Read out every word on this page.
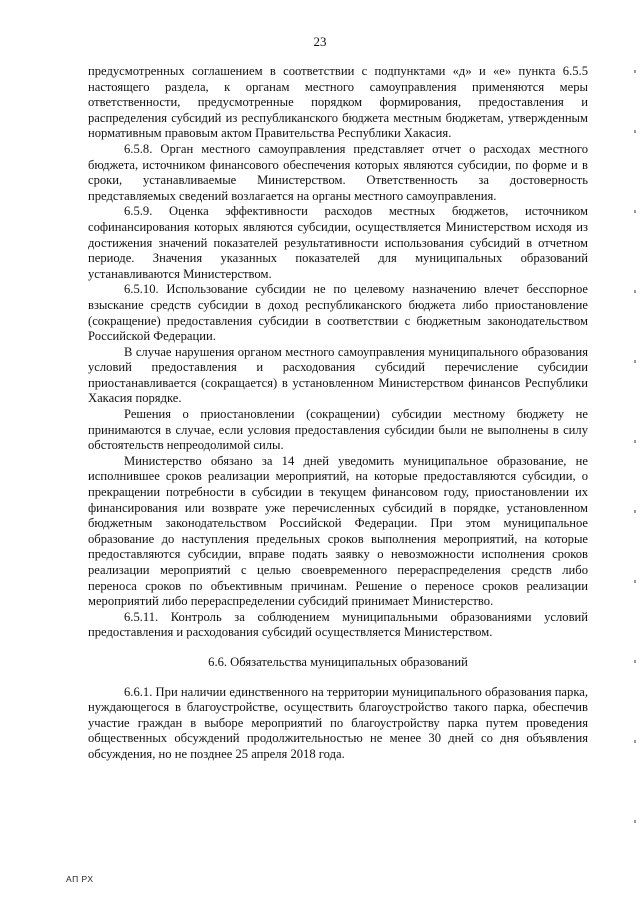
23

предусмотренных соглашением в соответствии с подпунктами «д» и «е» пункта 6.5.5 настоящего раздела, к органам местного самоуправления применяются меры ответственности, предусмотренные порядком формирования, предоставления и распределения субсидий из республиканского бюджета местным бюджетам, утвержденным нормативным правовым актом Правительства Республики Хакасия.

6.5.8. Орган местного самоуправления представляет отчет о расходах местного бюджета, источником финансового обеспечения которых являются субсидии, по форме и в сроки, устанавливаемые Министерством. Ответственность за достоверность представляемых сведений возлагается на органы местного самоуправления.

6.5.9. Оценка эффективности расходов местных бюджетов, источником софинансирования которых являются субсидии, осуществляется Министерством исходя из достижения значений показателей результативности использования субсидий в отчетном периоде. Значения указанных показателей для муниципальных образований устанавливаются Министерством.

6.5.10. Использование субсидии не по целевому назначению влечет бесспорное взыскание средств субсидии в доход республиканского бюджета либо приостановление (сокращение) предоставления субсидии в соответствии с бюджетным законодательством Российской Федерации.

В случае нарушения органом местного самоуправления муниципального образования условий предоставления и расходования субсидий перечисление субсидии приостанавливается (сокращается) в установленном Министерством финансов Республики Хакасия порядке.

Решения о приостановлении (сокращении) субсидии местному бюджету не принимаются в случае, если условия предоставления субсидии были не выполнены в силу обстоятельств непреодолимой силы.

Министерство обязано за 14 дней уведомить муниципальное образование, не исполнившее сроков реализации мероприятий, на которые предоставляются субсидии, о прекращении потребности в субсидии в текущем финансовом году, приостановлении их финансирования или возврате уже перечисленных субсидий в порядке, установленном бюджетным законодательством Российской Федерации. При этом муниципальное образование до наступления предельных сроков выполнения мероприятий, на которые предоставляются субсидии, вправе подать заявку о невозможности исполнения сроков реализации мероприятий с целью своевременного перераспределения средств либо переноса сроков по объективным причинам. Решение о переносе сроков реализации мероприятий либо перераспределении субсидий принимает Министерство.

6.5.11. Контроль за соблюдением муниципальными образованиями условий предоставления и расходования субсидий осуществляется Министерством.

6.6. Обязательства муниципальных образований

6.6.1. При наличии единственного на территории муниципального образования парка, нуждающегося в благоустройстве, осуществить благоустройство такого парка, обеспечив участие граждан в выборе мероприятий по благоустройству парка путем проведения общественных обсуждений продолжительностью не менее 30 дней со дня объявления обсуждения, но не позднее 25 апреля 2018 года.

АП РХ
